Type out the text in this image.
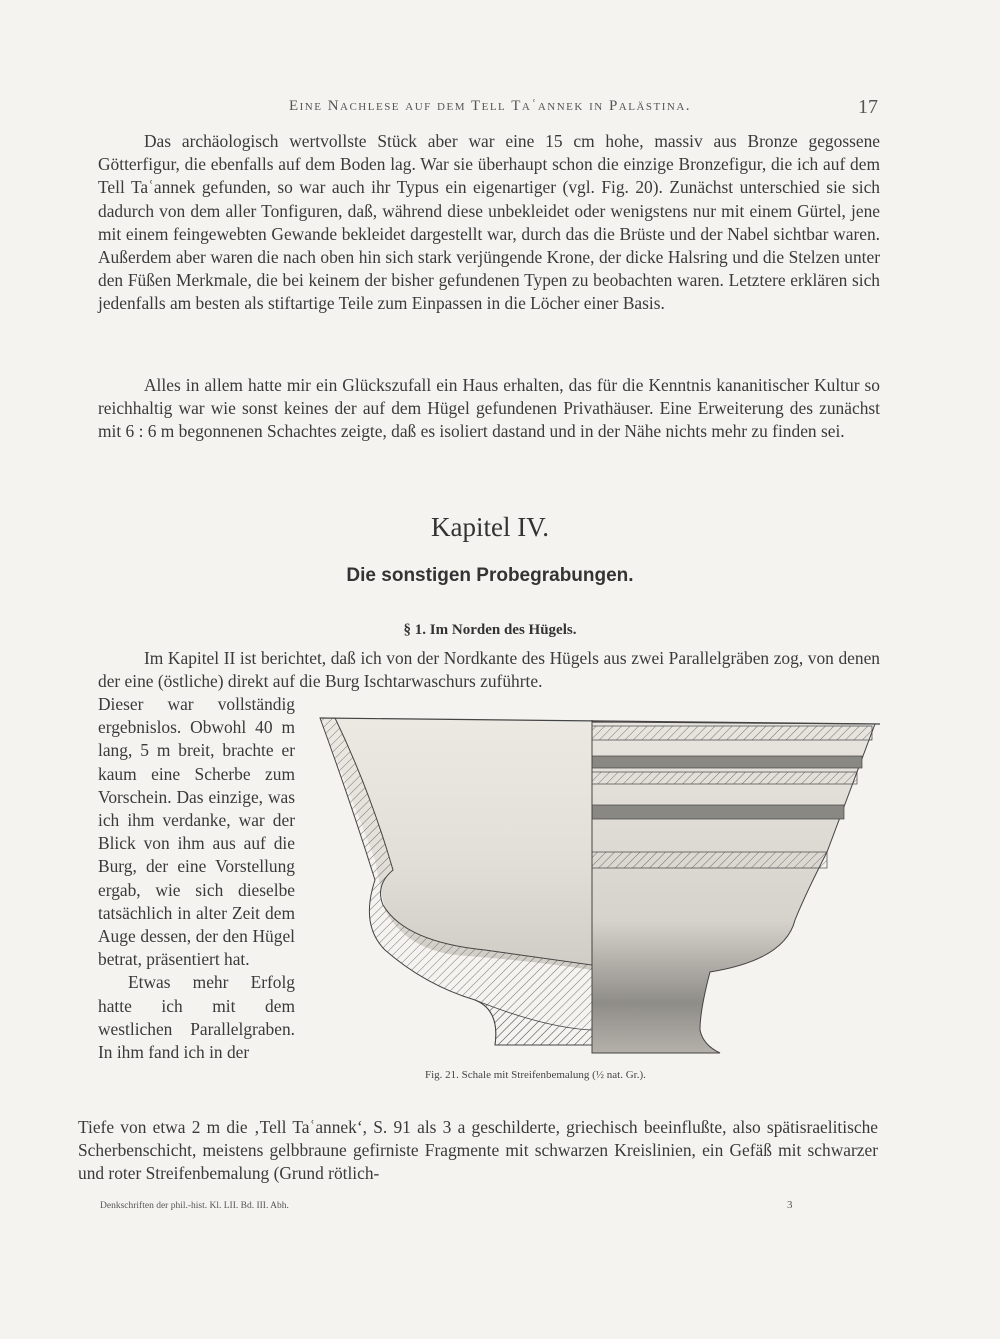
Eine Nachlese auf dem Tell Taʿannek in Palästina.	17

Das archäologisch wertvollste Stück aber war eine 15 cm hohe, massiv aus Bronze gegossene Götterfigur, die ebenfalls auf dem Boden lag. War sie überhaupt schon die einzige Bronzefigur, die ich auf dem Tell Taʿannek gefunden, so war auch ihr Typus ein eigenartiger (vgl. Fig. 20). Zunächst unterschied sie sich dadurch von dem aller Tonfiguren, daß, während diese unbekleidet oder wenigstens nur mit einem Gürtel, jene mit einem feingewebten Gewande bekleidet dargestellt war, durch das die Brüste und der Nabel sichtbar waren. Außerdem aber waren die nach oben hin sich stark verjüngende Krone, der dicke Halsring und die Stelzen unter den Füßen Merkmale, die bei keinem der bisher gefundenen Typen zu beobachten waren. Letztere erklären sich jedenfalls am besten als stiftartige Teile zum Einpassen in die Löcher einer Basis.

Alles in allem hatte mir ein Glückszufall ein Haus erhalten, das für die Kenntnis kananitischer Kultur so reichhaltig war wie sonst keines der auf dem Hügel gefundenen Privathäuser. Eine Erweiterung des zunächst mit 6 : 6 m begonnenen Schachtes zeigte, daß es isoliert dastand und in der Nähe nichts mehr zu finden sei.

Kapitel IV.
Die sonstigen Probegrabungen.
§ 1. Im Norden des Hügels.

Im Kapitel II ist berichtet, daß ich von der Nordkante des Hügels aus zwei Parallelgräben zog, von denen der eine (östliche) direkt auf die Burg Ischtarwaschurs zuführte.

Dieser war vollständig ergebnislos. Obwohl 40 m lang, 5 m breit, brachte er kaum eine Scherbe zum Vorschein. Das einzige, was ich ihm verdanke, war der Blick von ihm aus auf die Burg, der eine Vorstellung ergab, wie sich dieselbe tatsächlich in alter Zeit dem Auge dessen, der den Hügel betrat, präsentiert hat.

Etwas mehr Erfolg hatte ich mit dem westlichen Parallelgraben. In ihm fand ich in der

Fig. 21. Schale mit Streifenbemalung (½ nat. Gr.).

Tiefe von etwa 2 m die ‚Tell Taʿannek‘, S. 91 als 3 a geschilderte, griechisch beeinflußte, also spätisraelitische Scherbenschicht, meistens gelbbraune gefirniste Fragmente mit schwarzen Kreislinien, ein Gefäß mit schwarzer und roter Streifenbemalung (Grund rötlich-

Denkschriften der phil.-hist. Kl. LII. Bd. III. Abh.	3
